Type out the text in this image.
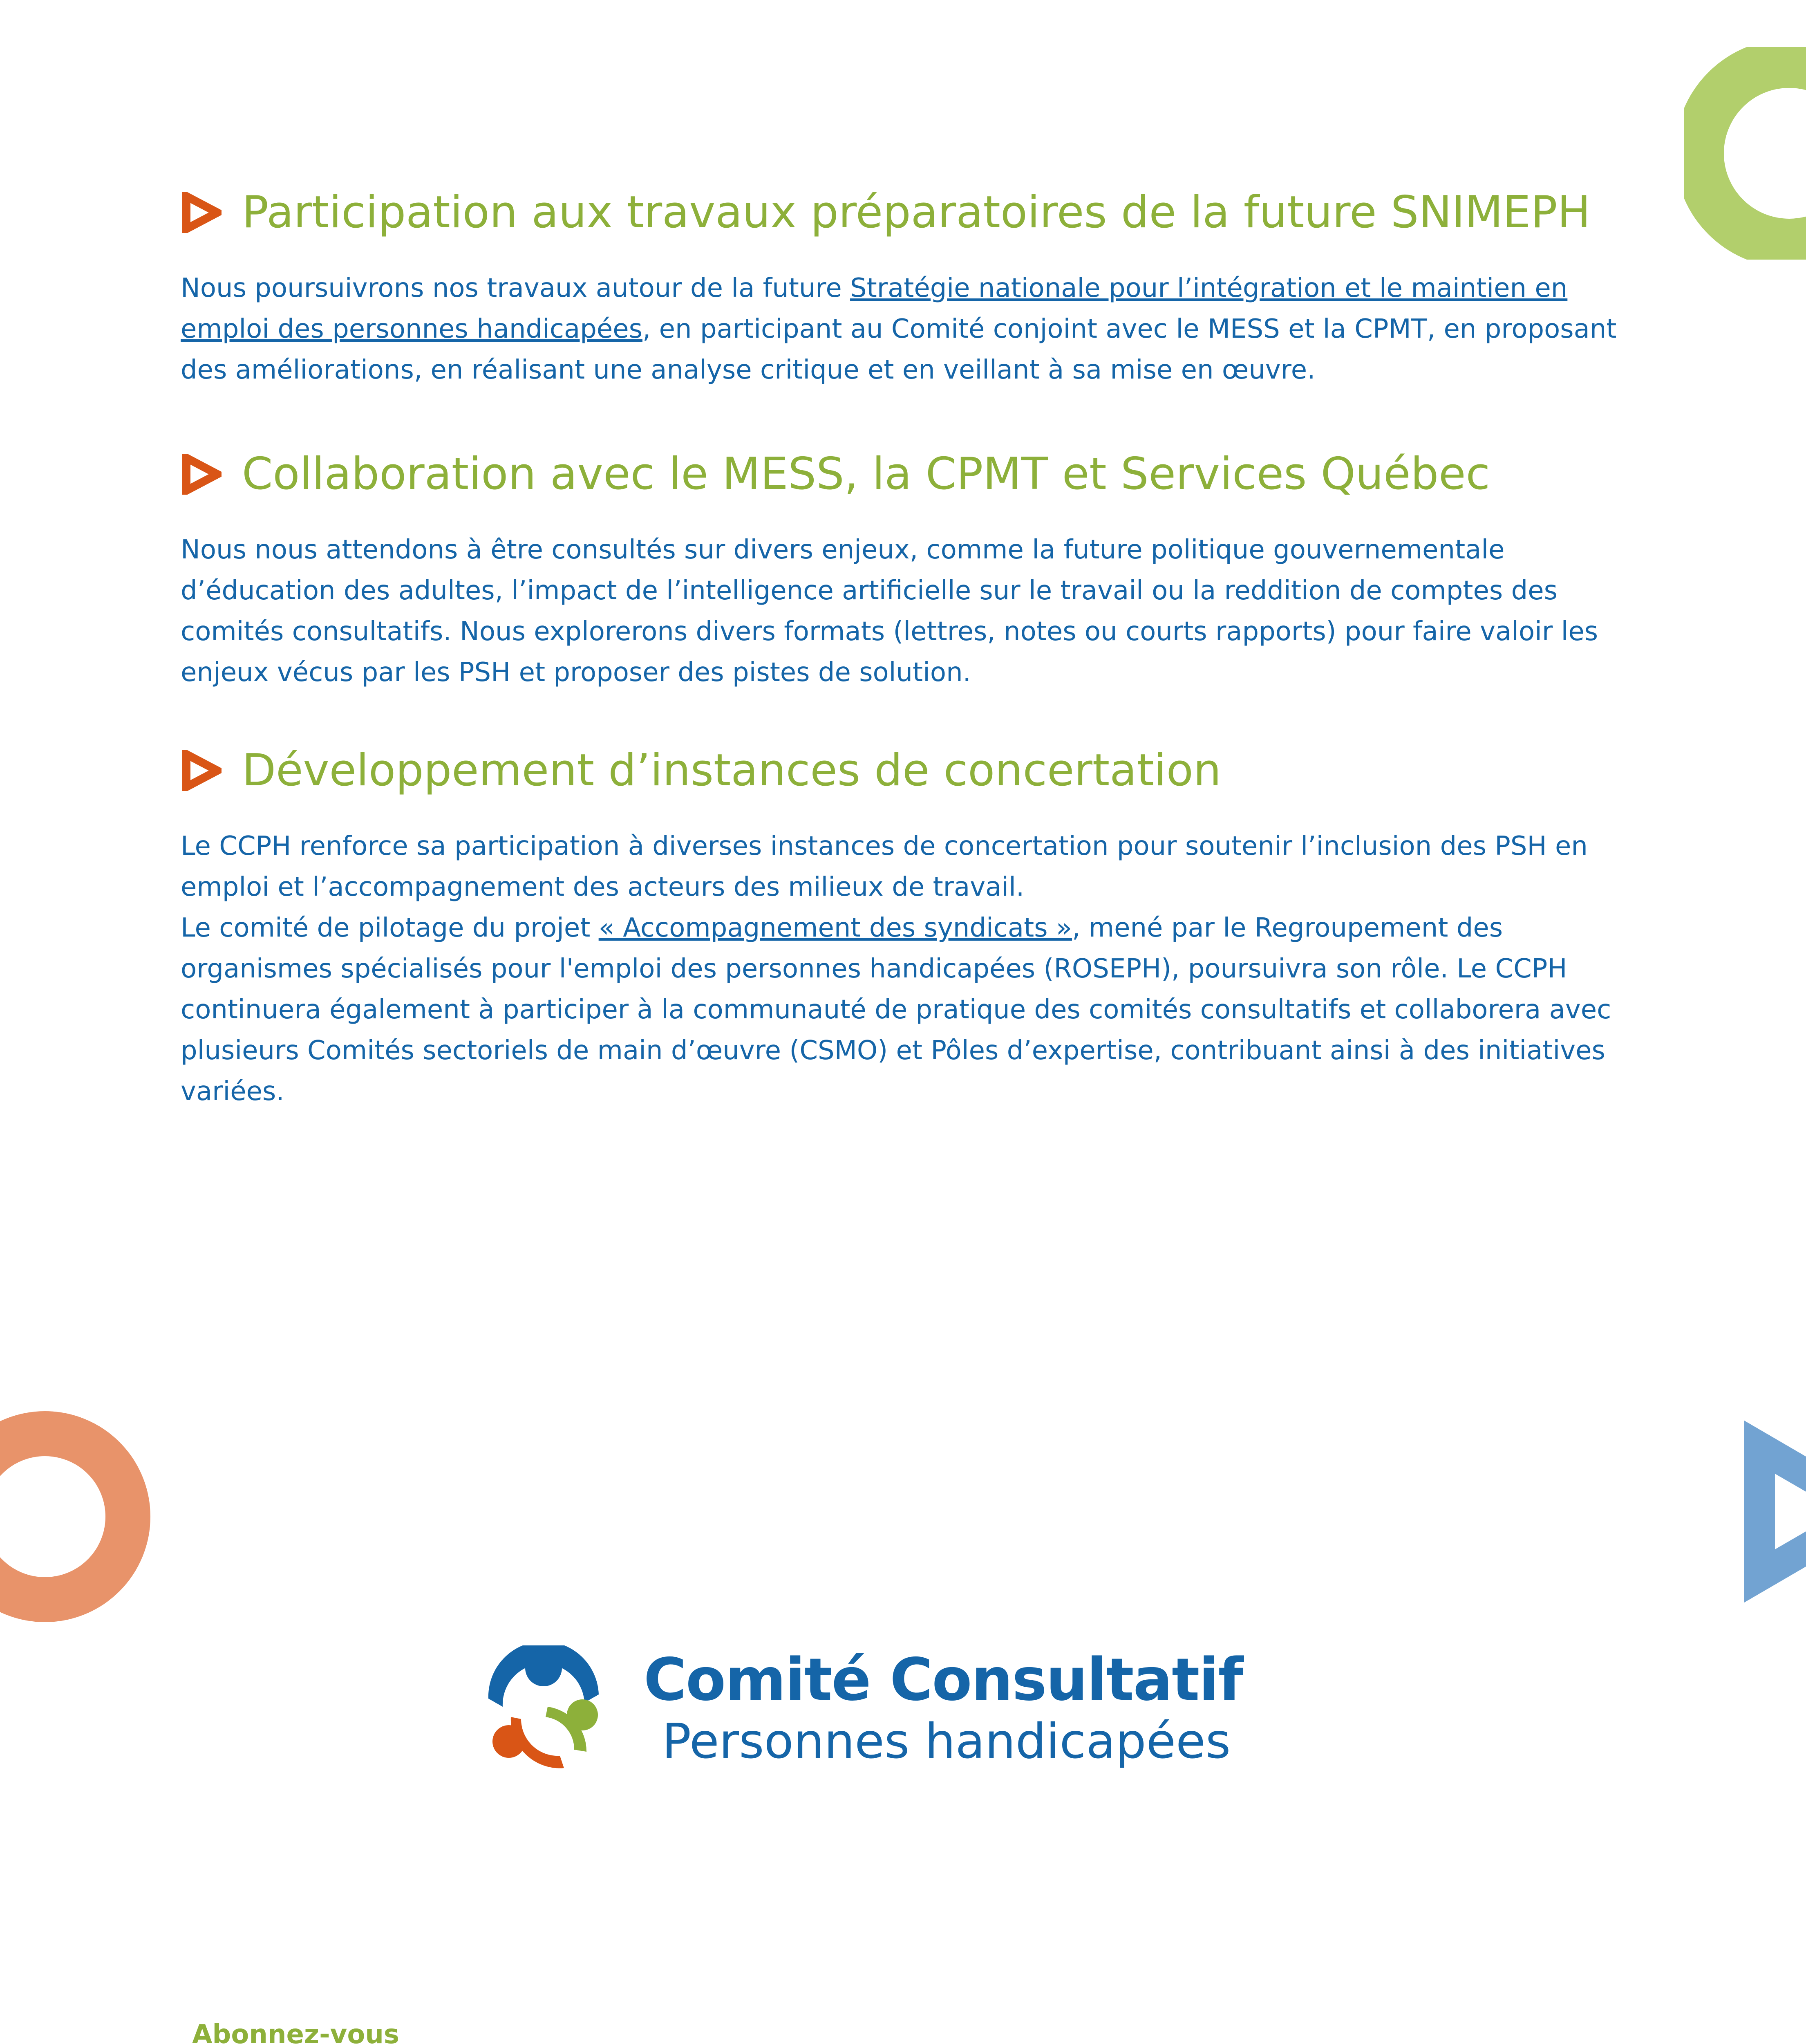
Participation aux travaux préparatoires de la future SNIMEPH

Nous poursuivrons nos travaux autour de la future Stratégie nationale pour l’intégration et le maintien en emploi des personnes handicapées, en participant au Comité conjoint avec le MESS et la CPMT, en proposant des améliorations, en réalisant une analyse critique et en veillant à sa mise en œuvre.

Collaboration avec le MESS, la CPMT et Services Québec

Nous nous attendons à être consultés sur divers enjeux, comme la future politique gouvernementale d’éducation des adultes, l’impact de l’intelligence artificielle sur le travail ou la reddition de comptes des comités consultatifs. Nous explorerons divers formats (lettres, notes ou courts rapports) pour faire valoir les enjeux vécus par les PSH et proposer des pistes de solution.

Développement d’instances de concertation

Le CCPH renforce sa participation à diverses instances de concertation pour soutenir l’inclusion des PSH en emploi et l’accompagnement des acteurs des milieux de travail.

Le comité de pilotage du projet « Accompagnement des syndicats », mené par le Regroupement des organismes spécialisés pour l'emploi des personnes handicapées (ROSEPH), poursuivra son rôle. Le CCPH continuera également à participer à la communauté de pratique des comités consultatifs et collaborera avec plusieurs Comités sectoriels de main d’œuvre (CSMO) et Pôles d’expertise, contribuant ainsi à des initiatives variées.

Comité Consultatif
Personnes handicapées
Abonnez-vous
